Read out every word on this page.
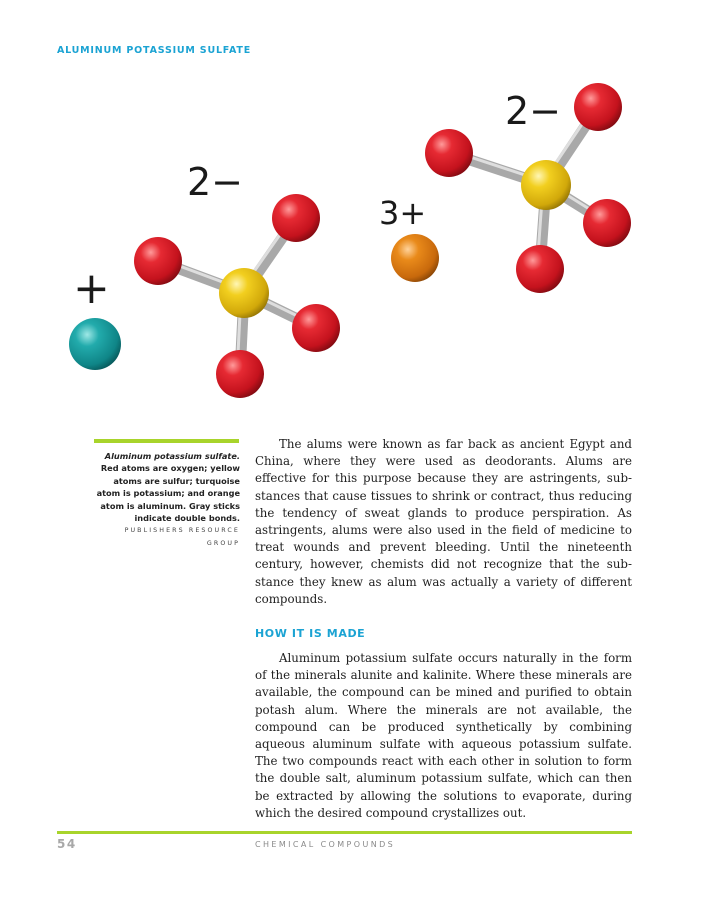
ALUMINUM POTASSIUM SULFATE
+
2−
3+
2−
Aluminum potassium sulfate. Red atoms are oxygen; yellow atoms are sulfur; turquoise atom is potassium; and orange atom is aluminum. Gray sticks indicate double bonds.
PUBLISHERS RESOURCE GROUP
The alums were known as far back as ancient Egypt and China, where they were used as deodorants. Alums are effective for this purpose because they are astringents, substances that cause tissues to shrink or contract, thus reducing the tendency of sweat glands to produce perspiration. As astringents, alums were also used in the field of medicine to treat wounds and prevent bleeding. Until the nineteenth century, however, chemists did not recognize that the substance they knew as alum was actually a variety of different compounds.
HOW IT IS MADE
Aluminum potassium sulfate occurs naturally in the form of the minerals alunite and kalinite. Where these minerals are available, the compound can be mined and purified to obtain potash alum. Where the minerals are not available, the compound can be produced synthetically by combining aqueous aluminum sulfate with aqueous potassium sulfate. The two compounds react with each other in solution to form the double salt, aluminum potassium sulfate, which can then be extracted by allowing the solutions to evaporate, during which the desired compound crystallizes out.
54	CHEMICAL COMPOUNDS
